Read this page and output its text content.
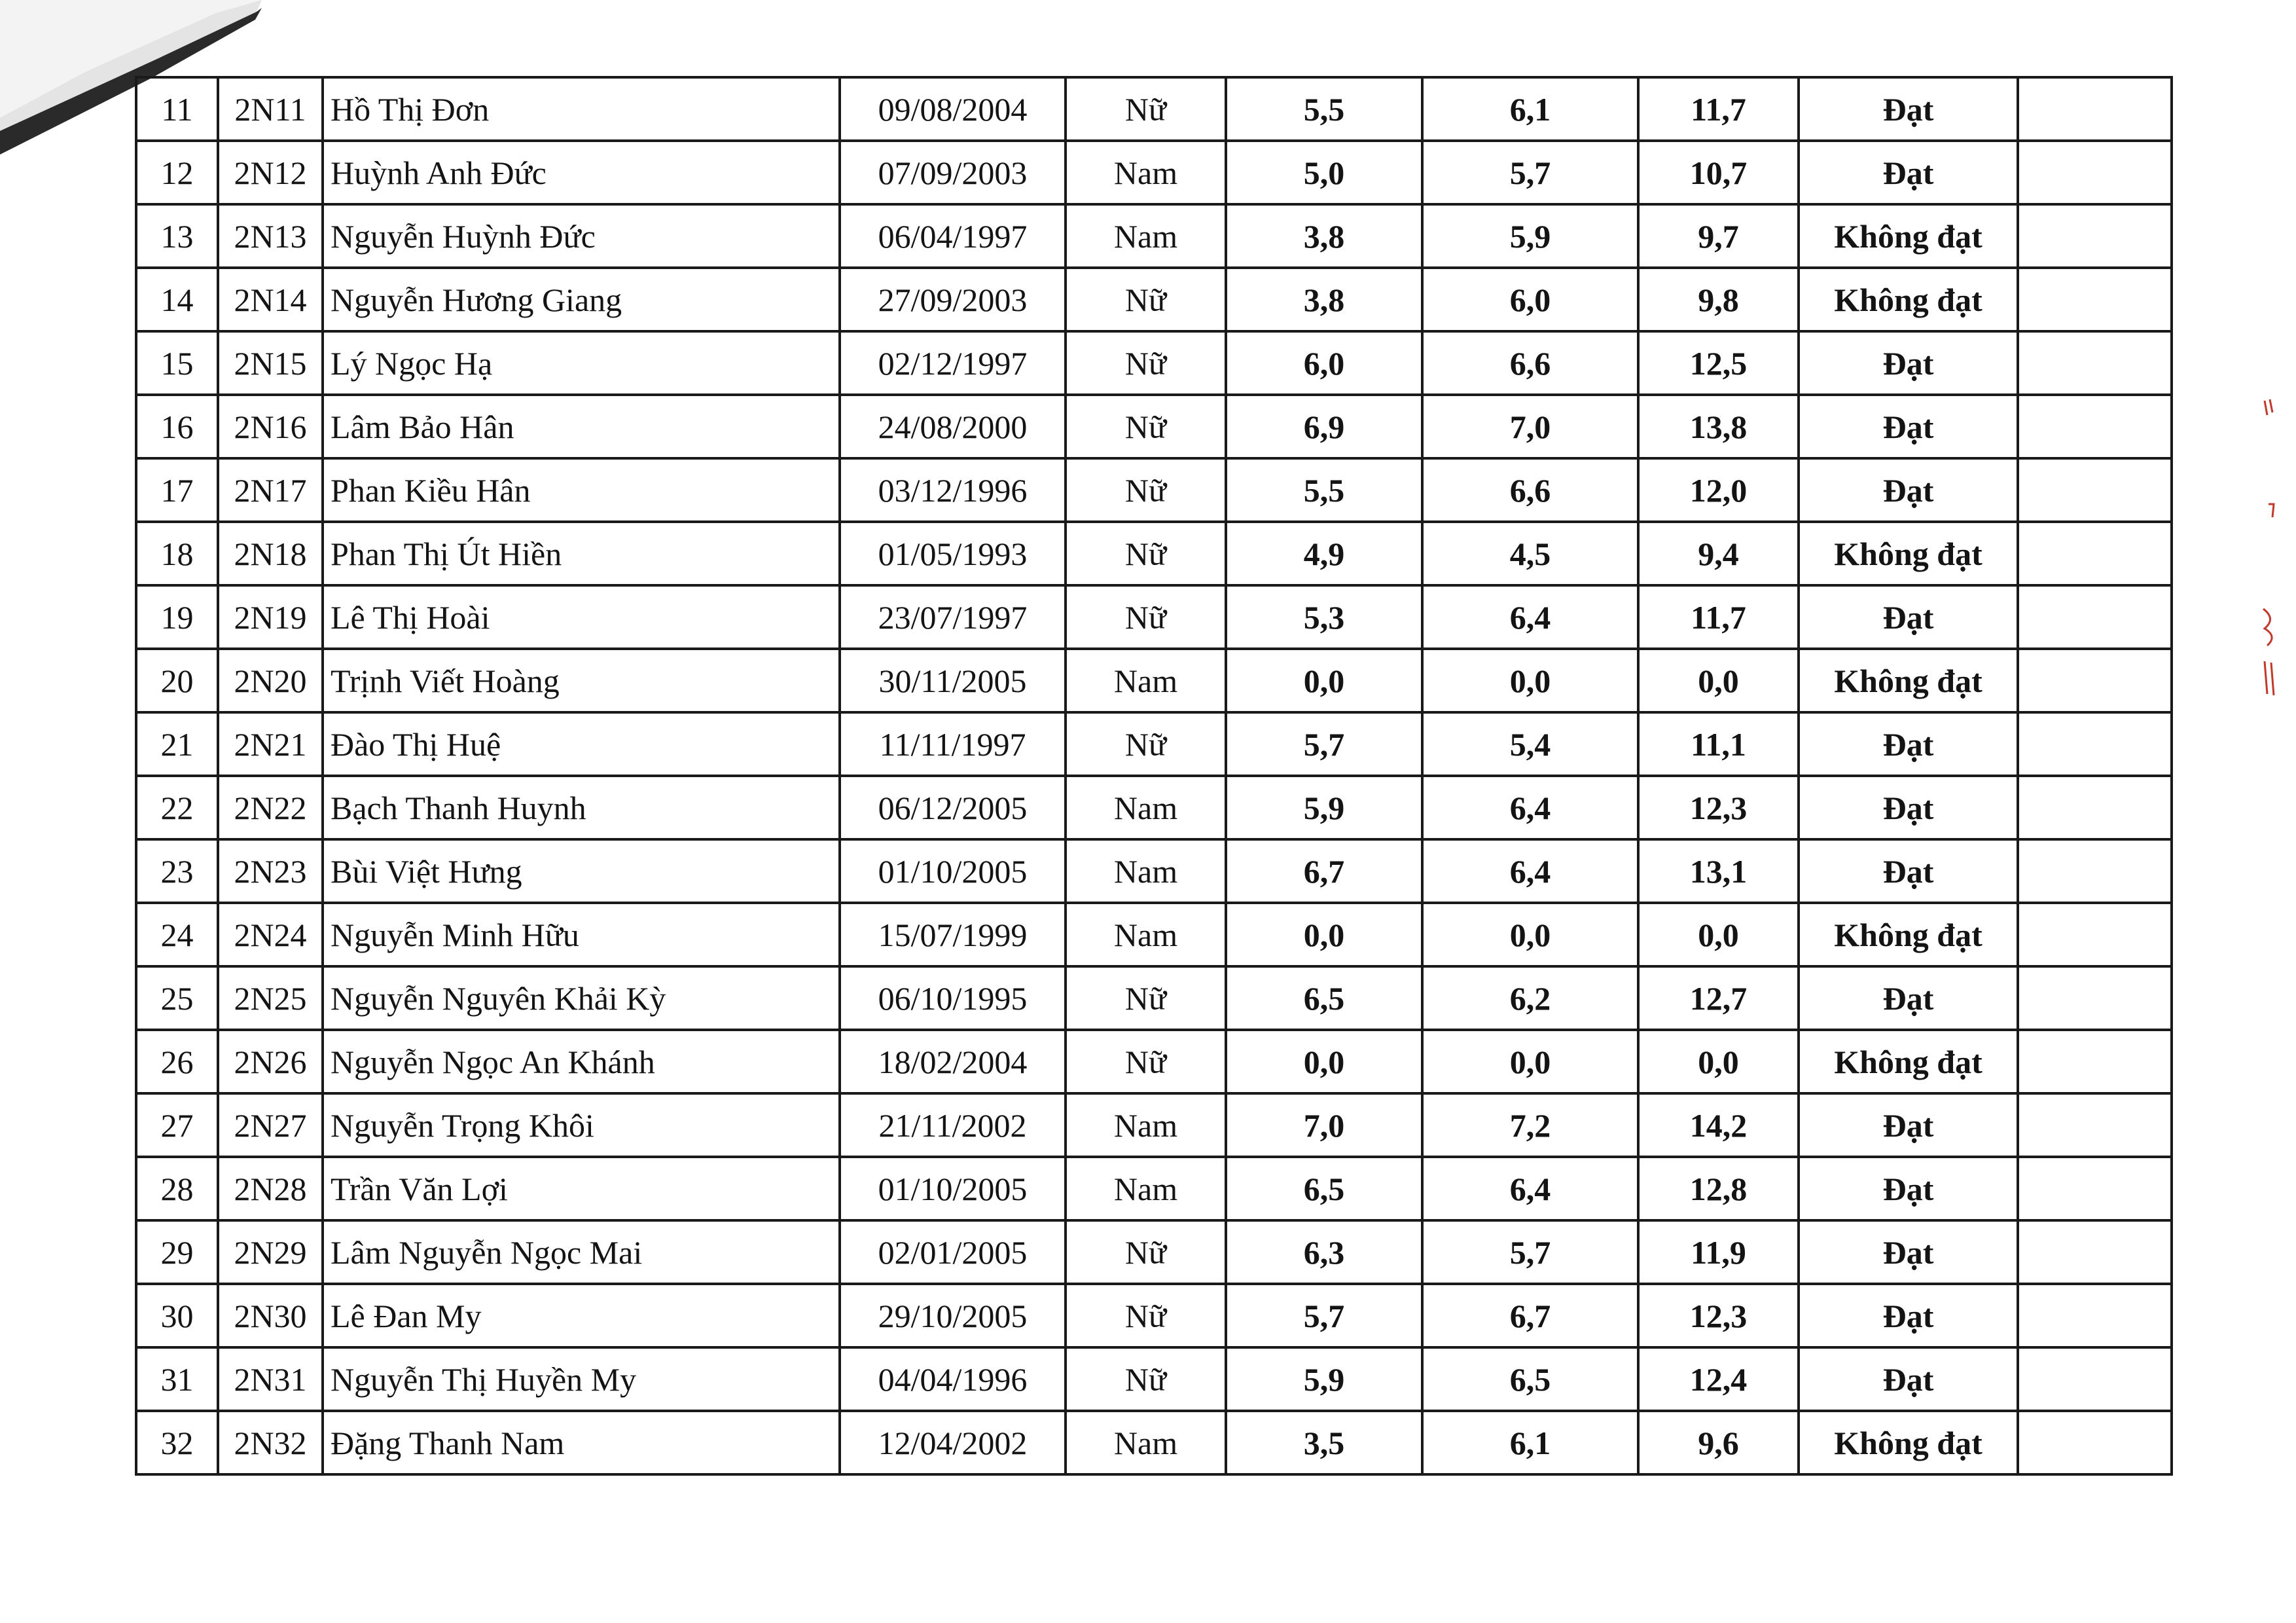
11	2N11	Hồ Thị Đơn	09/08/2004	Nữ	5,5	6,1	11,7	Đạt	
12	2N12	Huỳnh Anh Đức	07/09/2003	Nam	5,0	5,7	10,7	Đạt	
13	2N13	Nguyễn Huỳnh Đức	06/04/1997	Nam	3,8	5,9	9,7	Không đạt	
14	2N14	Nguyễn Hương Giang	27/09/2003	Nữ	3,8	6,0	9,8	Không đạt	
15	2N15	Lý Ngọc Hạ	02/12/1997	Nữ	6,0	6,6	12,5	Đạt	
16	2N16	Lâm Bảo Hân	24/08/2000	Nữ	6,9	7,0	13,8	Đạt	
17	2N17	Phan Kiều Hân	03/12/1996	Nữ	5,5	6,6	12,0	Đạt	
18	2N18	Phan Thị Út Hiền	01/05/1993	Nữ	4,9	4,5	9,4	Không đạt	
19	2N19	Lê Thị Hoài	23/07/1997	Nữ	5,3	6,4	11,7	Đạt	
20	2N20	Trịnh Viết Hoàng	30/11/2005	Nam	0,0	0,0	0,0	Không đạt	
21	2N21	Đào Thị Huệ	11/11/1997	Nữ	5,7	5,4	11,1	Đạt	
22	2N22	Bạch Thanh Huynh	06/12/2005	Nam	5,9	6,4	12,3	Đạt	
23	2N23	Bùi Việt Hưng	01/10/2005	Nam	6,7	6,4	13,1	Đạt	
24	2N24	Nguyễn Minh Hữu	15/07/1999	Nam	0,0	0,0	0,0	Không đạt	
25	2N25	Nguyễn Nguyên Khải Kỳ	06/10/1995	Nữ	6,5	6,2	12,7	Đạt	
26	2N26	Nguyễn Ngọc An Khánh	18/02/2004	Nữ	0,0	0,0	0,0	Không đạt	
27	2N27	Nguyễn Trọng Khôi	21/11/2002	Nam	7,0	7,2	14,2	Đạt	
28	2N28	Trần Văn Lợi	01/10/2005	Nam	6,5	6,4	12,8	Đạt	
29	2N29	Lâm Nguyễn Ngọc Mai	02/01/2005	Nữ	6,3	5,7	11,9	Đạt	
30	2N30	Lê Đan My	29/10/2005	Nữ	5,7	6,7	12,3	Đạt	
31	2N31	Nguyễn Thị Huyền My	04/04/1996	Nữ	5,9	6,5	12,4	Đạt	
32	2N32	Đặng Thanh Nam	12/04/2002	Nam	3,5	6,1	9,6	Không đạt	
